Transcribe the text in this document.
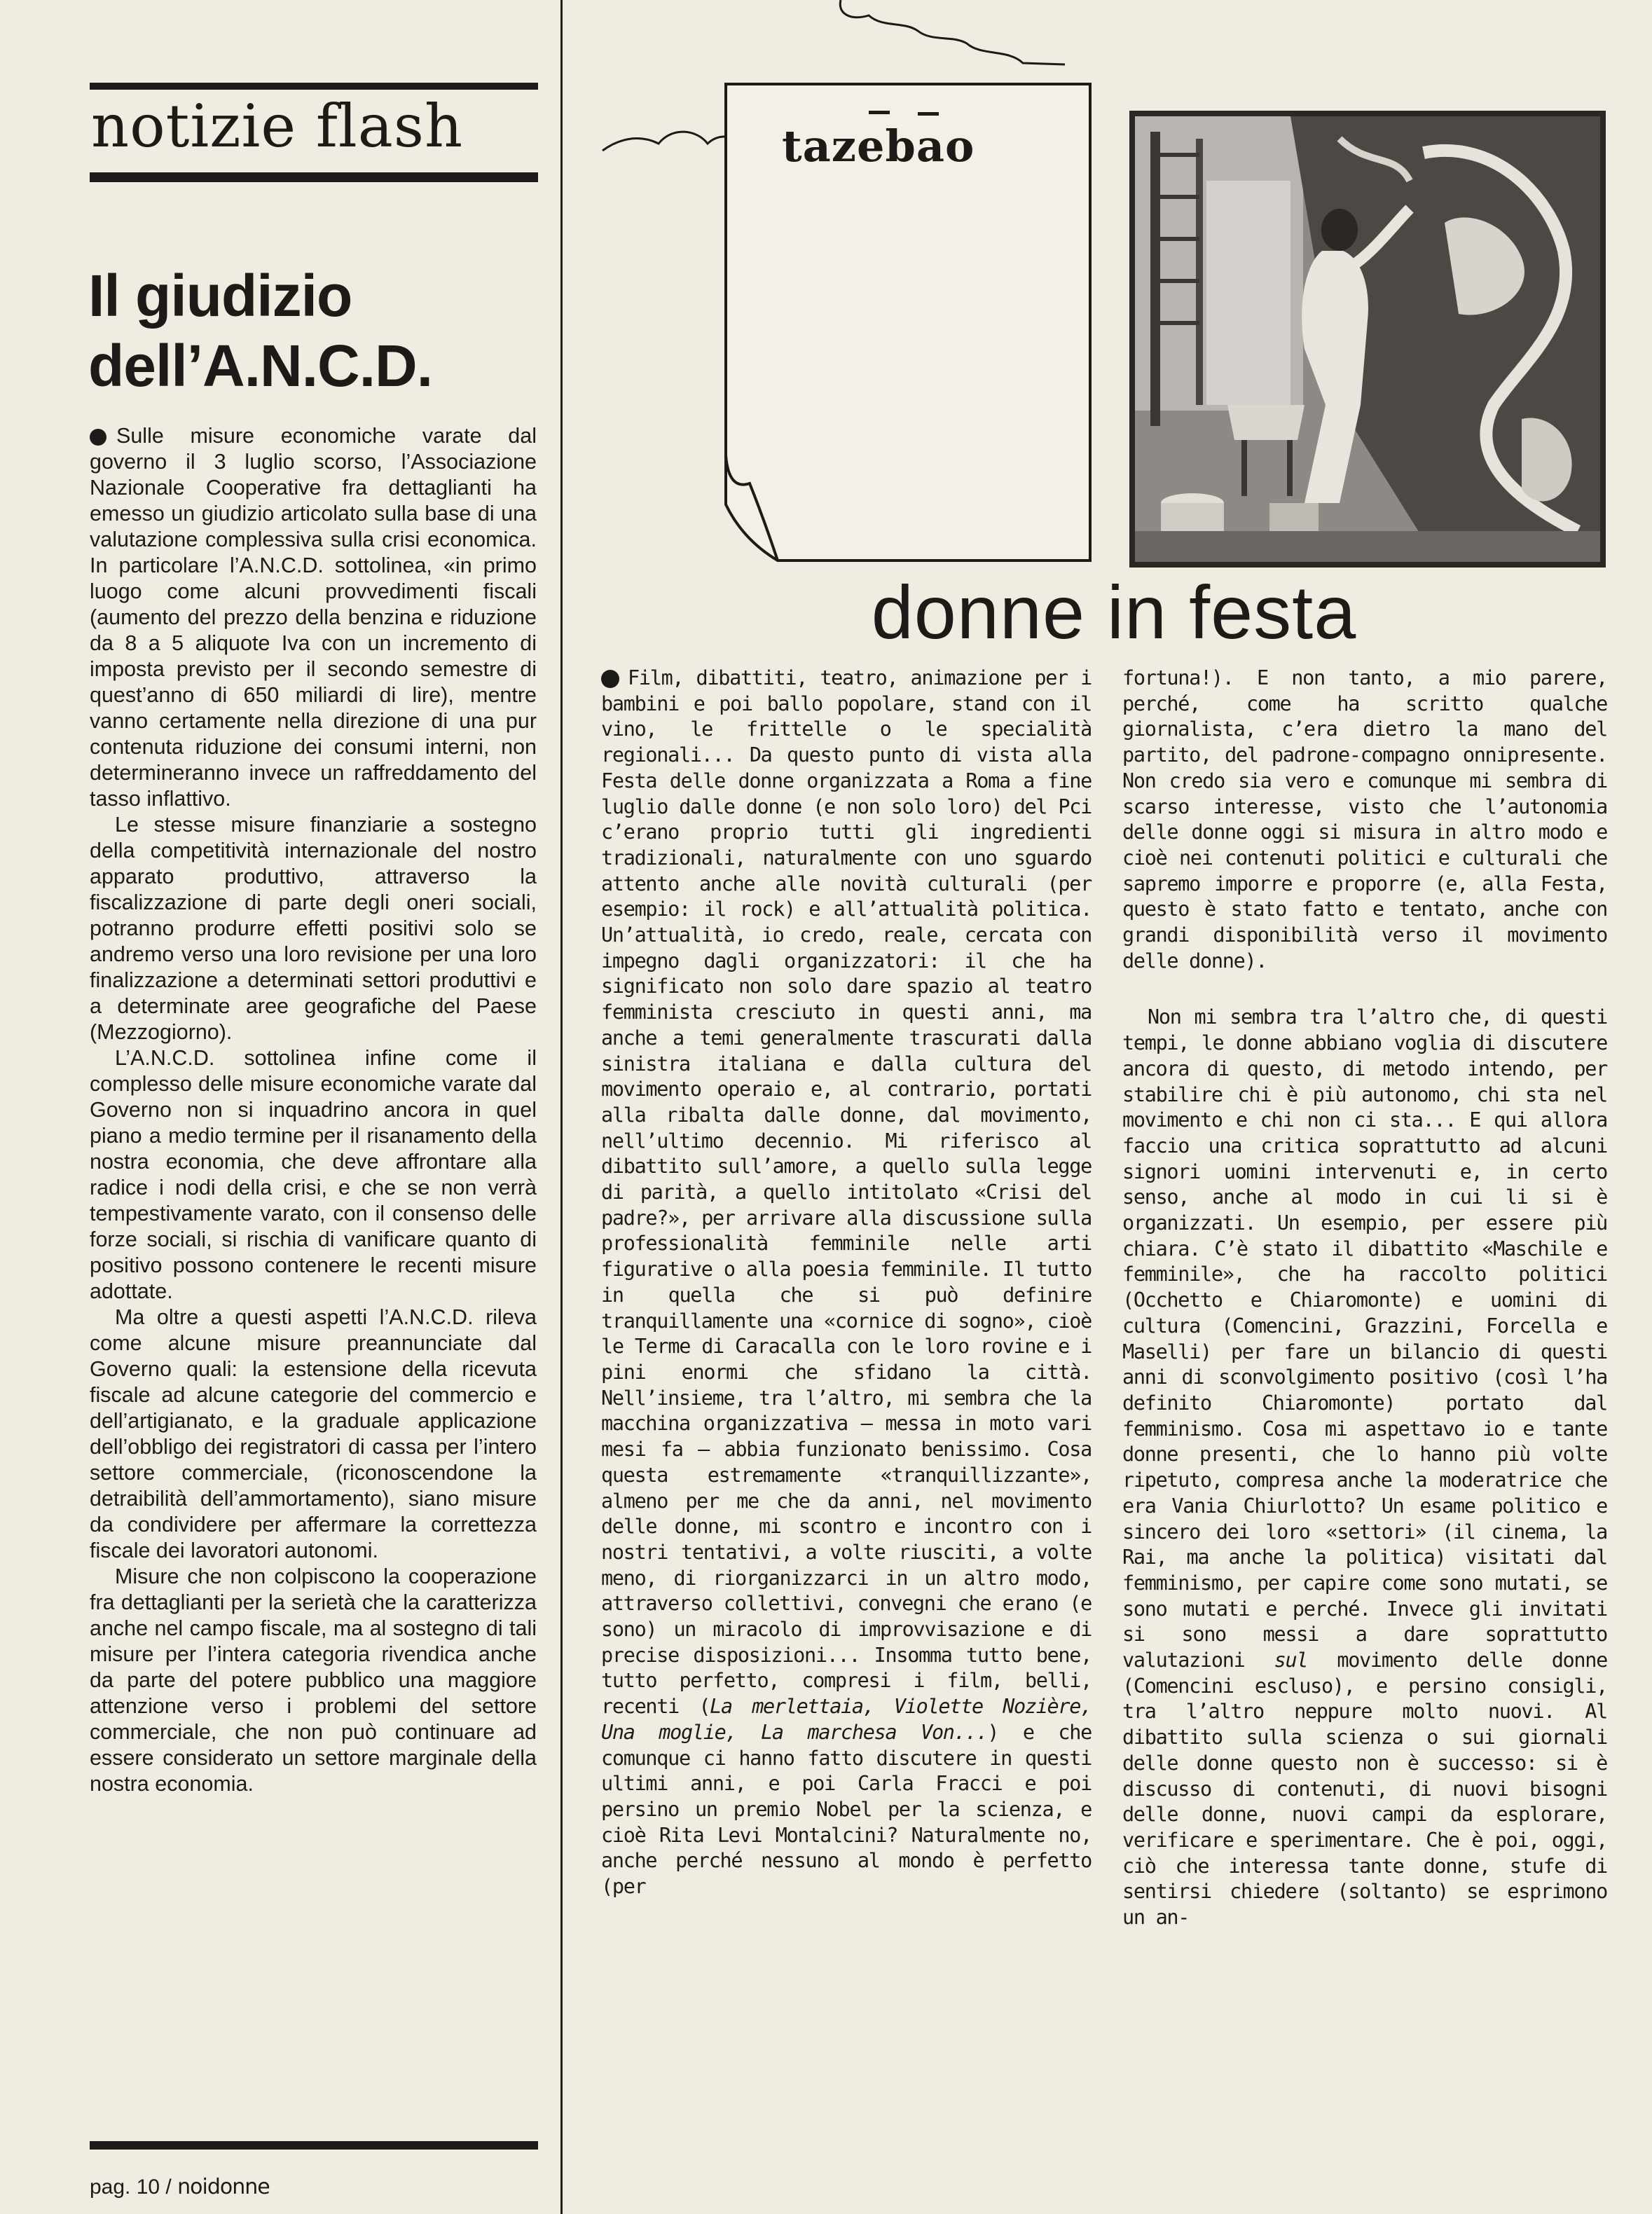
notizie flash
Il giudizio
dell’A.N.C.D.

Sulle misure economiche varate dal governo il 3 luglio scorso, l’Associazione Nazionale Cooperative fra dettaglianti ha emesso un giudizio articolato sulla base di una valutazione complessiva sulla crisi economica. In particolare l’A.N.C.D. sottolinea, «in primo luogo come alcuni provvedimenti fiscali (aumento del prezzo della benzina e riduzione da 8 a 5 aliquote Iva con un incremento di imposta previsto per il secondo semestre di quest’anno di 650 miliardi di lire), mentre vanno certamente nella direzione di una pur contenuta riduzione dei consumi interni, non determineranno invece un raffreddamento del tasso inflattivo.

Le stesse misure finanziarie a sostegno della competitività internazionale del nostro apparato produttivo, attraverso la fiscalizzazione di parte degli oneri sociali, potranno produrre effetti positivi solo se andremo verso una loro revisione per una loro finalizzazione a determinati settori produttivi e a determinate aree geografiche del Paese (Mezzogiorno).

L’A.N.C.D. sottolinea infine come il complesso delle misure economiche varate dal Governo non si inquadrino ancora in quel piano a medio termine per il risanamento della nostra economia, che deve affrontare alla radice i nodi della crisi, e che se non verrà tempestivamente varato, con il consenso delle forze sociali, si rischia di vanificare quanto di positivo possono contenere le recenti misure adottate.

Ma oltre a questi aspetti l’A.N.C.D. rileva come alcune misure preannunciate dal Governo quali: la estensione della ricevuta fiscale ad alcune categorie del commercio e dell’artigianato, e la graduale applicazione dell’obbligo dei registratori di cassa per l’intero settore commerciale, (riconoscendone la detraibilità dell’ammortamento), siano misure da condividere per affermare la correttezza fiscale dei lavoratori autonomi.

Misure che non colpiscono la cooperazione fra dettaglianti per la serietà che la caratterizza anche nel campo fiscale, ma al sostegno di tali misure per l’intera categoria rivendica anche da parte del potere pubblico una maggiore attenzione verso i problemi del settore commerciale, che non può continuare ad essere considerato un settore marginale della nostra economia.

pag. 10 / noidonne
tazebao
donne in festa

Film, dibattiti, teatro, animazione per i bambini e poi ballo popolare, stand con il vino, le frittelle o le specialità regionali... Da questo punto di vista alla Festa delle donne organizzata a Roma a fine luglio dalle donne (e non solo loro) del Pci c’erano proprio tutti gli ingredienti tradizionali, naturalmente con uno sguardo attento anche alle novità culturali (per esempio: il rock) e all’attualità politica. Un’attualità, io credo, reale, cercata con impegno dagli organizzatori: il che ha significato non solo dare spazio al teatro femminista cresciuto in questi anni, ma anche a temi generalmente trascurati dalla sinistra italiana e dalla cultura del movimento operaio e, al contrario, portati alla ribalta dalle donne, dal movimento, nell’ultimo decennio. Mi riferisco al dibattito sull’amore, a quello sulla legge di parità, a quello intitolato «Crisi del padre?», per arrivare alla discussione sulla professionalità femminile nelle arti figurative o alla poesia femminile. Il tutto in quella che si può definire tranquillamente una «cornice di sogno», cioè le Terme di Caracalla con le loro rovine e i pini enormi che sfidano la città. Nell’insieme, tra l’altro, mi sembra che la macchina organizzativa — messa in moto vari mesi fa — abbia funzionato benissimo. Cosa questa estremamente «tranquillizzante», almeno per me che da anni, nel movimento delle donne, mi scontro e incontro con i nostri tentativi, a volte riusciti, a volte meno, di riorganizzarci in un altro modo, attraverso collettivi, convegni che erano (e sono) un miracolo di improvvisazione e di precise disposizioni... Insomma tutto bene, tutto perfetto, compresi i film, belli, recenti (La merlettaia, Violette Nozière, Una moglie, La marchesa Von...) e che comunque ci hanno fatto discutere in questi ultimi anni, e poi Carla Fracci e poi persino un premio Nobel per la scienza, e cioè Rita Levi Montalcini? Naturalmente no, anche perché nessuno al mondo è perfetto (per

fortuna!). E non tanto, a mio parere, perché, come ha scritto qualche giornalista, c’era dietro la mano del partito, del padrone-compagno onnipresente. Non credo sia vero e comunque mi sembra di scarso interesse, visto che l’autonomia delle donne oggi si misura in altro modo e cioè nei contenuti politici e culturali che sapremo imporre e proporre (e, alla Festa, questo è stato fatto e tentato, anche con grandi disponibilità verso il movimento delle donne).

Non mi sembra tra l’altro che, di questi tempi, le donne abbiano voglia di discutere ancora di questo, di metodo intendo, per stabilire chi è più autonomo, chi sta nel movimento e chi non ci sta... E qui allora faccio una critica soprattutto ad alcuni signori uomini intervenuti e, in certo senso, anche al modo in cui li si è organizzati. Un esempio, per essere più chiara. C’è stato il dibattito «Maschile e femminile», che ha raccolto politici (Occhetto e Chiaromonte) e uomini di cultura (Comencini, Grazzini, Forcella e Maselli) per fare un bilancio di questi anni di sconvolgimento positivo (così l’ha definito Chiaromonte) portato dal femminismo. Cosa mi aspettavo io e tante donne presenti, che lo hanno più volte ripetuto, compresa anche la moderatrice che era Vania Chiurlotto? Un esame politico e sincero dei loro «settori» (il cinema, la Rai, ma anche la politica) visitati dal femminismo, per capire come sono mutati, se sono mutati e perché. Invece gli invitati si sono messi a dare soprattutto valutazioni sul movimento delle donne (Comencini escluso), e persino consigli, tra l’altro neppure molto nuovi. Al dibattito sulla scienza o sui giornali delle donne questo non è successo: si è discusso di contenuti, di nuovi bisogni delle donne, nuovi campi da esplorare, verificare e sperimentare. Che è poi, oggi, ciò che interessa tante donne, stufe di sentirsi chiedere (soltanto) se esprimono un an-
